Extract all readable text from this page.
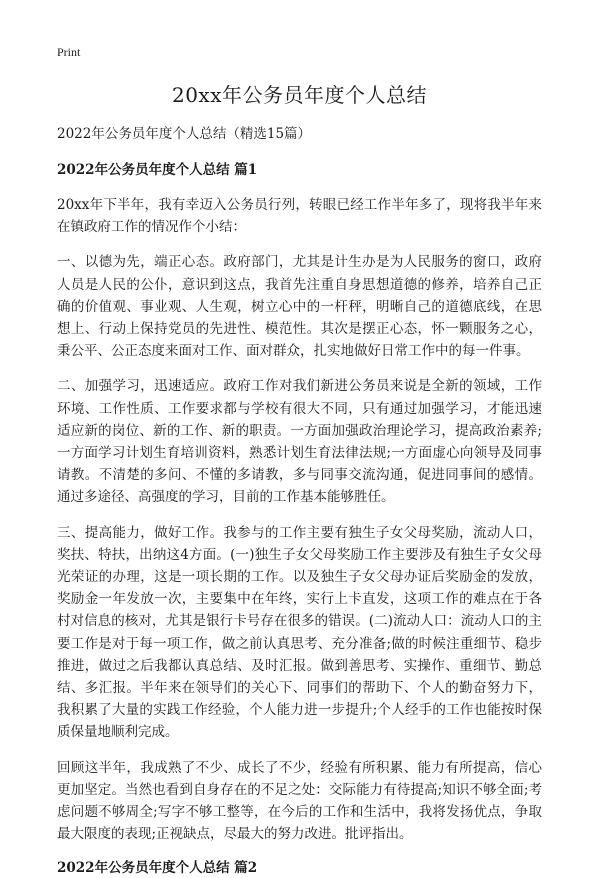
Print
20xx年公务员年度个人总结
2022年公务员年度个人总结（精选15篇）
2022年公务员年度个人总结 篇1

20xx年下半年，我有幸迈入公务员行列，转眼已经工作半年多了，现将我半年来在镇政府工作的情况作个小结：

一、以德为先，端正心态。政府部门，尤其是计生办是为人民服务的窗口，政府人员是人民的公仆，意识到这点，我首先注重自身思想道德的修养，培养自己正确的价值观、事业观、人生观，树立心中的一杆秤，明晰自己的道德底线，在思想上、行动上保持党员的先进性、模范性。其次是摆正心态，怀一颗服务之心，秉公平、公正态度来面对工作、面对群众，扎实地做好日常工作中的每一件事。

二、加强学习，迅速适应。政府工作对我们新进公务员来说是全新的领域，工作环境、工作性质、工作要求都与学校有很大不同，只有通过加强学习，才能迅速适应新的岗位、新的工作、新的职责。一方面加强政治理论学习，提高政治素养;一方面学习计划生育培训资料，熟悉计划生育法律法规;一方面虚心向领导及同事请教。不清楚的多问、不懂的多请教，多与同事交流沟通，促进同事间的感情。通过多途径、高强度的学习，目前的工作基本能够胜任。

三、提高能力，做好工作。我参与的工作主要有独生子女父母奖励，流动人口，奖扶、特扶，出纳这4方面。(一)独生子女父母奖励工作主要涉及有独生子女父母光荣证的办理，这是一项长期的工作。以及独生子女父母办证后奖励金的发放，奖励金一年发放一次，主要集中在年终，实行上卡直发，这项工作的难点在于各村对信息的核对，尤其是银行卡号存在很多的错误。(二)流动人口：流动人口的主要工作是对于每一项工作，做之前认真思考、充分准备;做的时候注重细节、稳步推进，做过之后我都认真总结、及时汇报。做到善思考、实操作、重细节、勤总结、多汇报。半年来在领导们的关心下、同事们的帮助下、个人的勤奋努力下，我积累了大量的实践工作经验，个人能力进一步提升;个人经手的工作也能按时保质保量地顺利完成。

回顾这半年，我成熟了不少、成长了不少，经验有所积累、能力有所提高，信心更加坚定。当然也看到自身存在的不足之处：交际能力有待提高;知识不够全面;考虑问题不够周全;写字不够工整等，在今后的工作和生活中，我将发扬优点，争取最大限度的表现;正视缺点，尽最大的努力改进。批评指出。

2022年公务员年度个人总结 篇2
